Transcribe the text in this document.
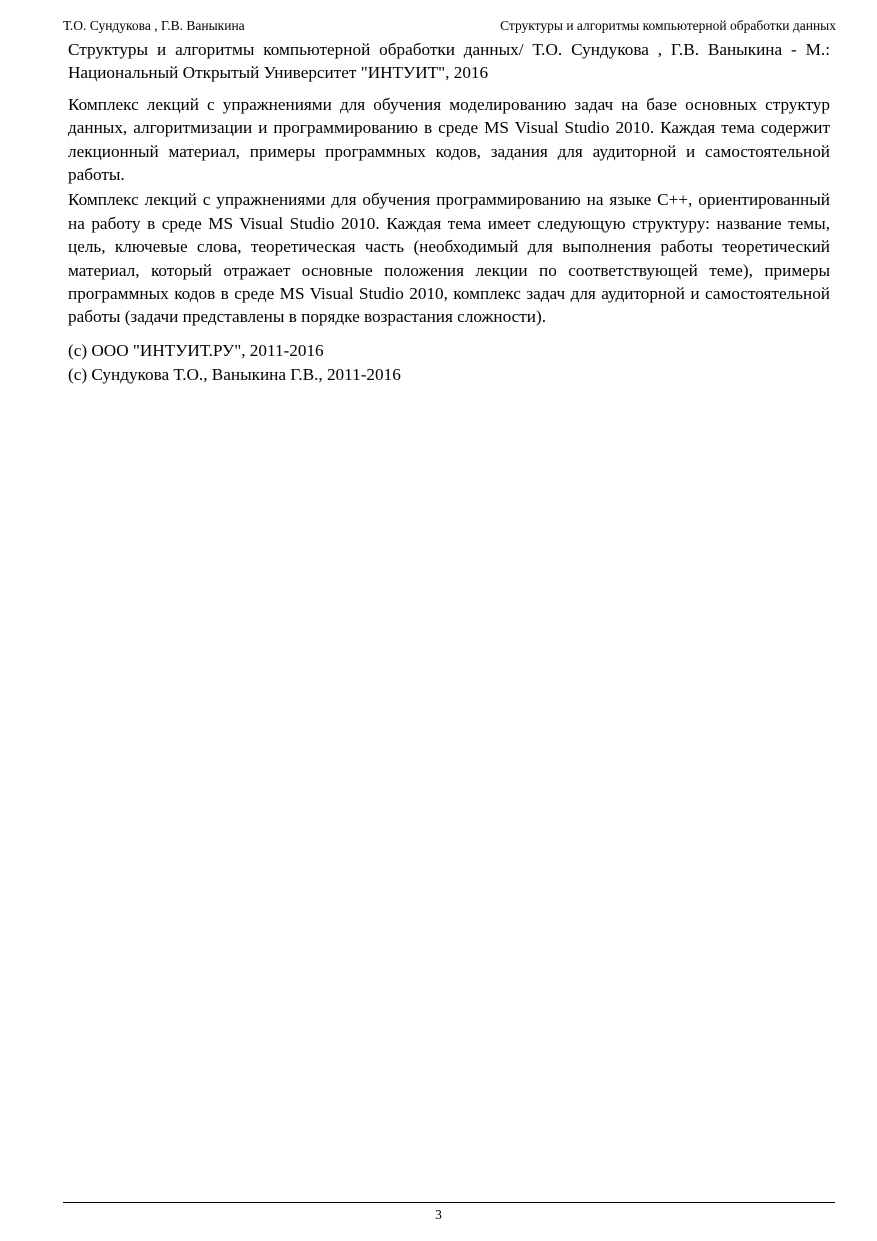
Т.О. Сундукова , Г.В. Ваныкина	Структуры и алгоритмы компьютерной обработки данных

Структуры и алгоритмы компьютерной обработки данных/ Т.О. Сундукова , Г.В. Ваныкина - М.: Национальный Открытый Университет "ИНТУИТ", 2016

Комплекс лекций с упражнениями для обучения моделированию задач на базе основных структур данных, алгоритмизации и программированию в среде MS Visual Studio 2010. Каждая тема содержит лекционный материал, примеры программных кодов, задания для аудиторной и самостоятельной работы.

Комплекс лекций с упражнениями для обучения программированию на языке С++, ориентированный на работу в среде MS Visual Studio 2010. Каждая тема имеет следующую структуру: название темы, цель, ключевые слова, теоретическая часть (необходимый для выполнения работы теоретический материал, который отражает основные положения лекции по соответствующей теме), примеры программных кодов в среде MS Visual Studio 2010, комплекс задач для аудиторной и самостоятельной работы (задачи представлены в порядке возрастания сложности).

(c) ООО "ИНТУИТ.РУ", 2011-2016

(c) Сундукова Т.О., Ваныкина Г.В., 2011-2016

3
